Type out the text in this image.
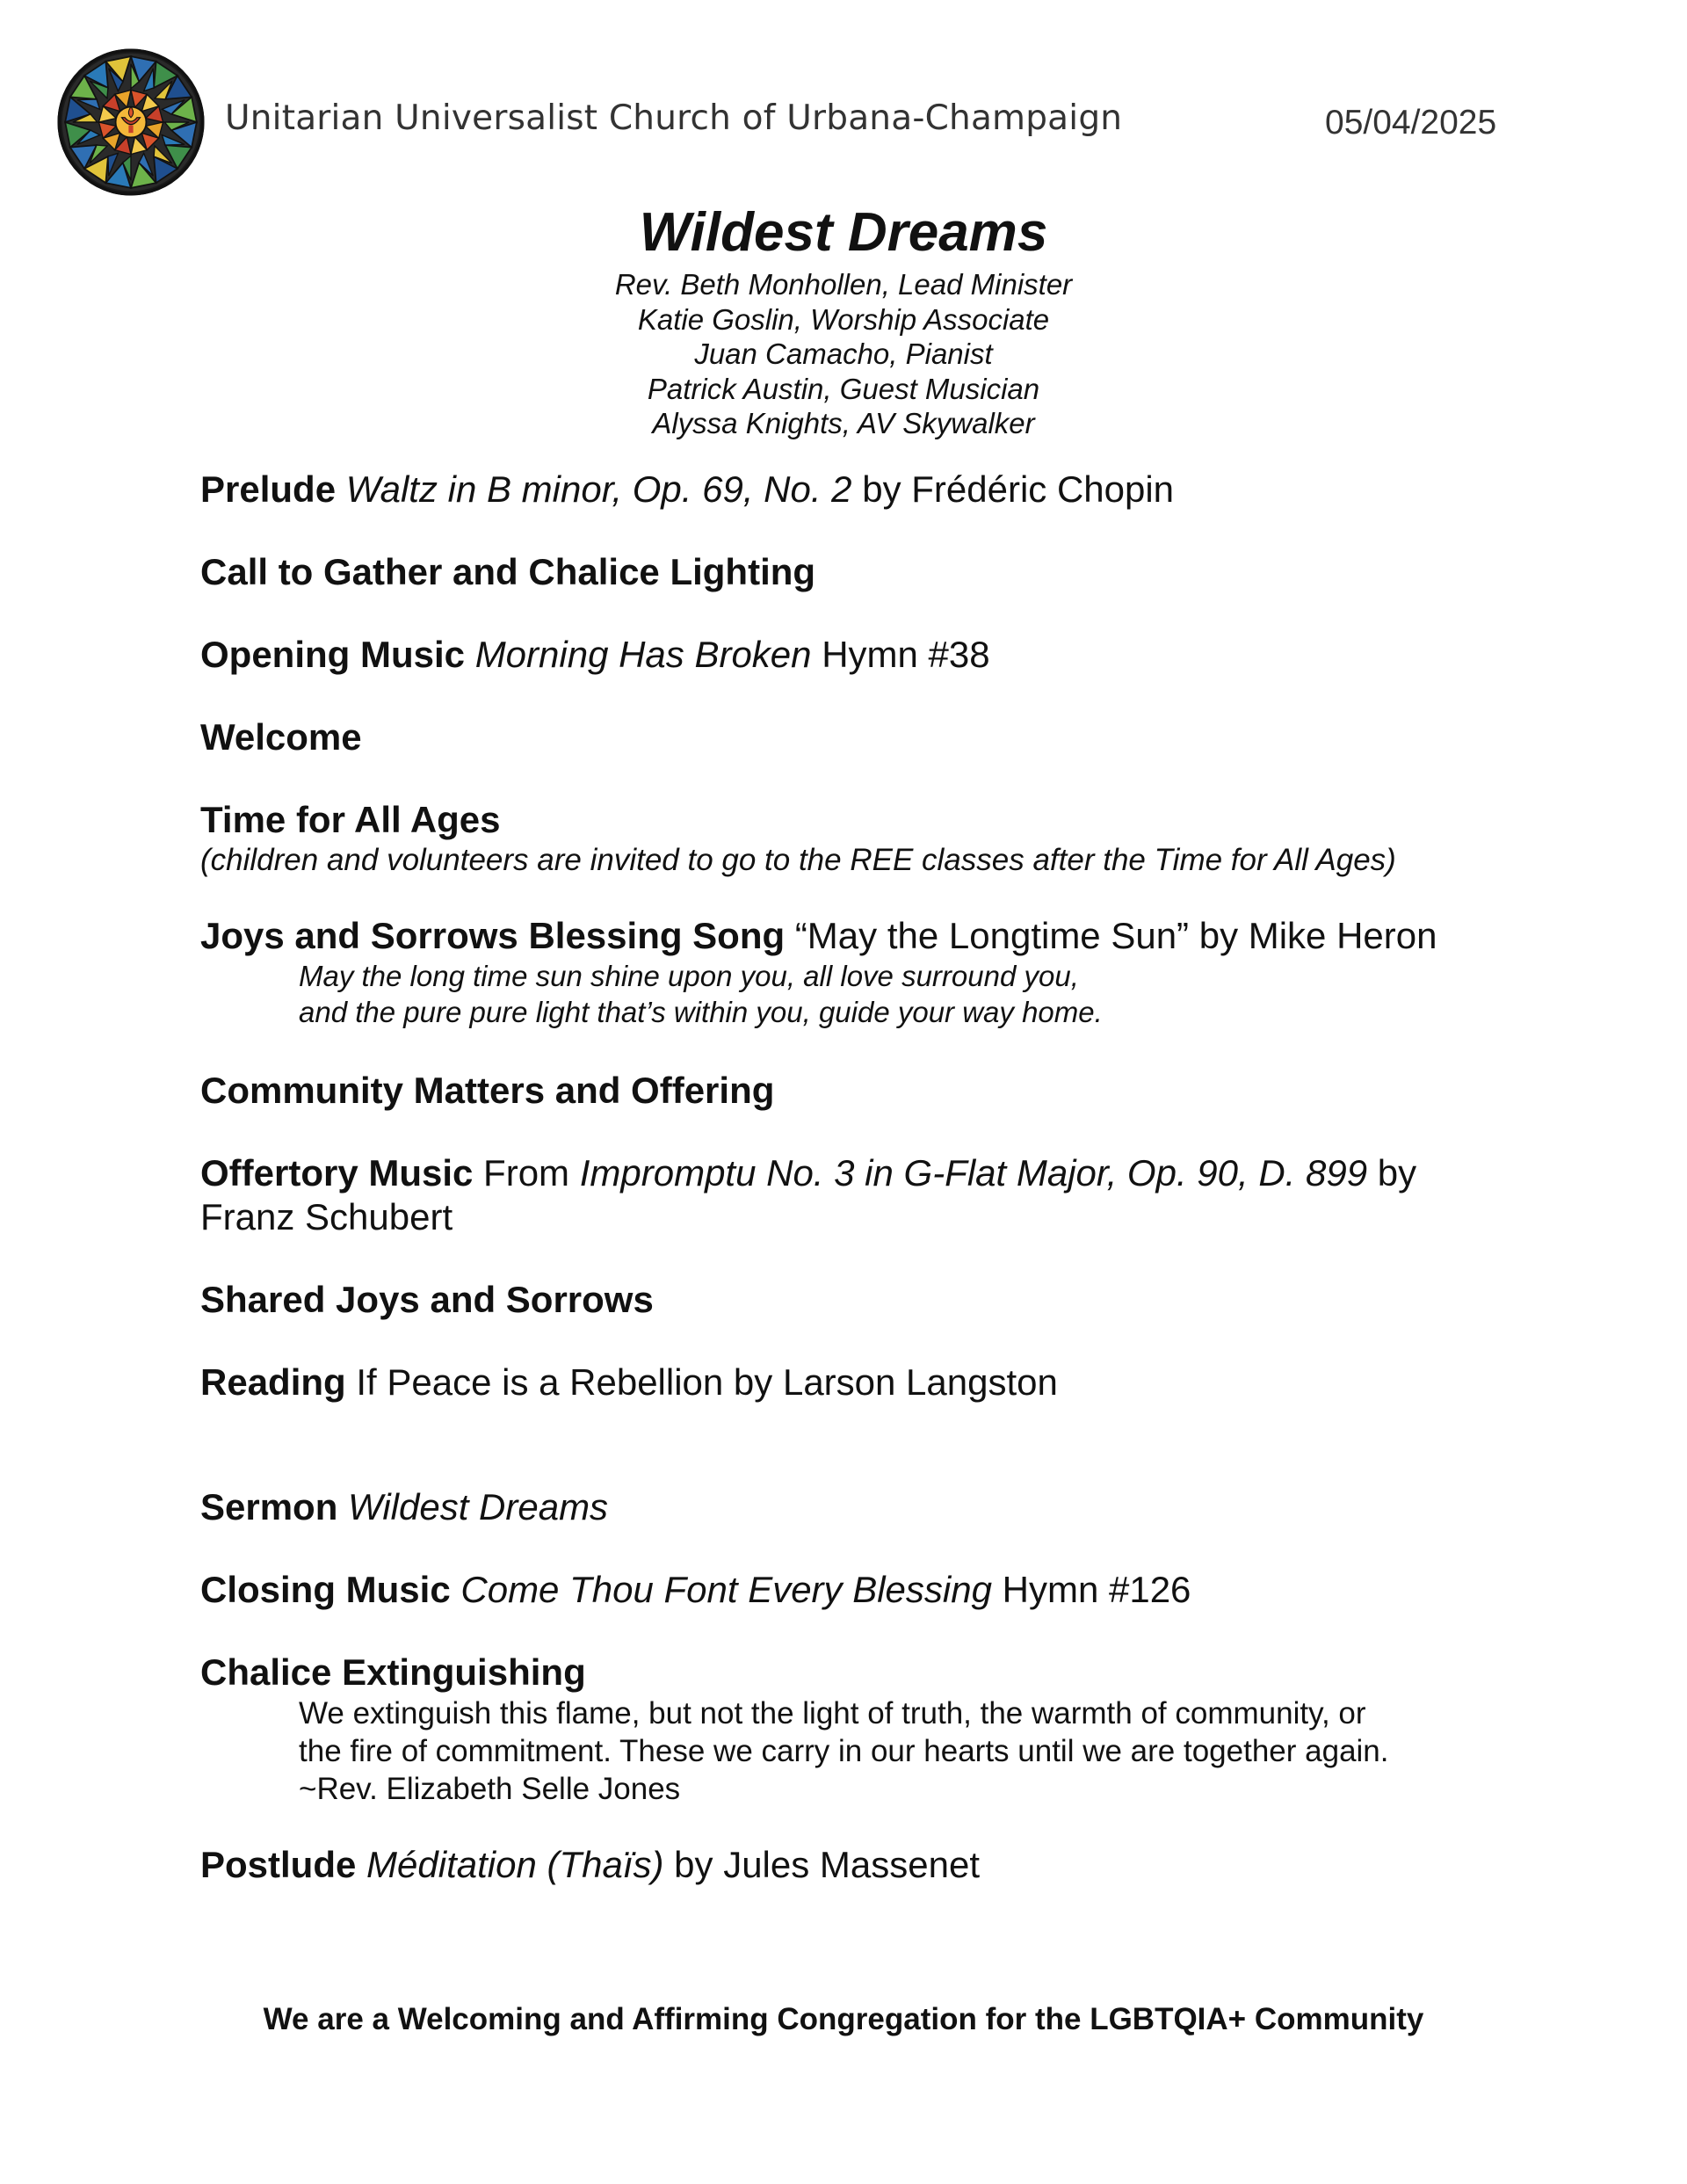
Unitarian Universalist Church of Urbana-Champaign	05/04/2025
Wildest Dreams
Rev. Beth Monhollen, Lead Minister
Katie Goslin, Worship Associate
Juan Camacho, Pianist
Patrick Austin, Guest Musician
Alyssa Knights, AV Skywalker
Prelude Waltz in B minor, Op. 69, No. 2 by Frédéric Chopin
Call to Gather and Chalice Lighting
Opening Music Morning Has Broken Hymn #38
Welcome
Time for All Ages
(children and volunteers are invited to go to the REE classes after the Time for All Ages)
Joys and Sorrows Blessing Song “May the Longtime Sun” by Mike Heron
May the long time sun shine upon you, all love surround you,
and the pure pure light that’s within you, guide your way home.
Community Matters and Offering
Offertory Music From Impromptu No. 3 in G-Flat Major, Op. 90, D. 899 by
Franz Schubert
Shared Joys and Sorrows
Reading If Peace is a Rebellion by Larson Langston
Sermon Wildest Dreams
Closing Music Come Thou Font Every Blessing Hymn #126
Chalice Extinguishing
We extinguish this flame, but not the light of truth, the warmth of community, or
the fire of commitment. These we carry in our hearts until we are together again.
~Rev. Elizabeth Selle Jones
Postlude Méditation (Thaïs) by Jules Massenet
We are a Welcoming and Affirming Congregation for the LGBTQIA+ Community
